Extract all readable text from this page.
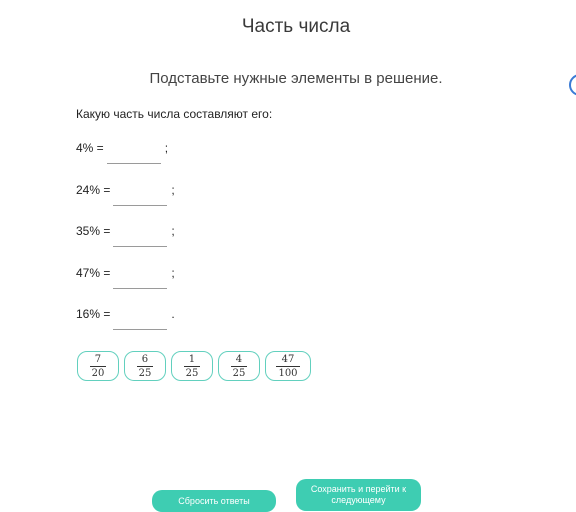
Часть числа

Подставьте нужные элементы в решение.

Какую часть числа составляют его:
4% =	;
24% =	;
35% =	;
47% =	;
16% =	.
$\frac{7}{20}$	$\frac{6}{25}$	$\frac{1}{25}$	$\frac{4}{25}$	$\frac{47}{100}$
Сбросить ответы
Сохранить и перейти к следующему
